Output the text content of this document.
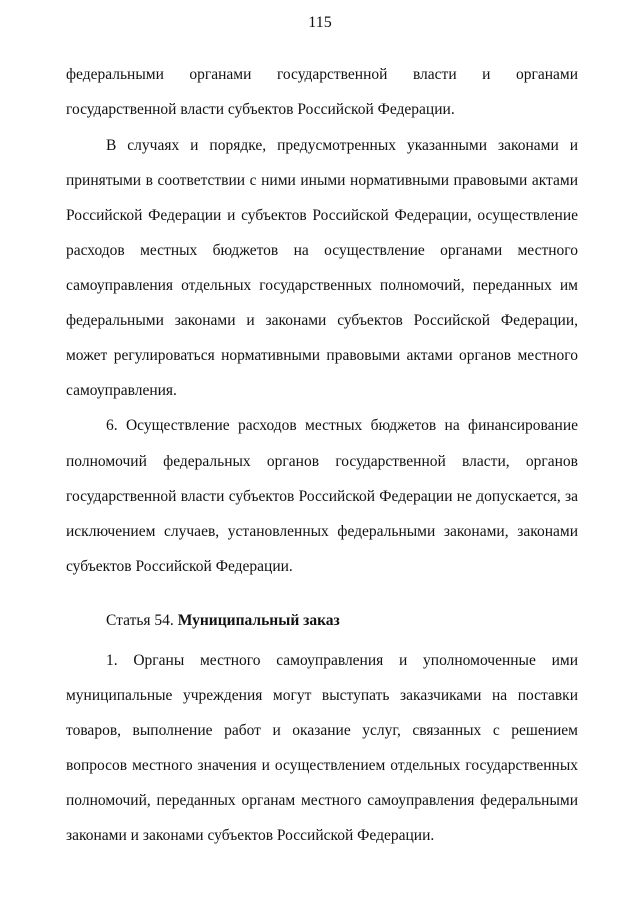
115
федеральными органами государственной власти и органами
государственной власти субъектов Российской Федерации.
В случаях и порядке, предусмотренных указанными законами и
принятыми в соответствии с ними иными нормативными правовыми актами
Российской Федерации и субъектов Российской Федерации, осуществление
расходов местных бюджетов на осуществление органами местного
самоуправления отдельных государственных полномочий, переданных им
федеральными законами и законами субъектов Российской Федерации,
может регулироваться нормативными правовыми актами органов местного
самоуправления.
6. Осуществление расходов местных бюджетов на финансирование
полномочий федеральных органов государственной власти, органов
государственной власти субъектов Российской Федерации не допускается, за
исключением случаев, установленных федеральными законами, законами
субъектов Российской Федерации.
Статья 54. Муниципальный заказ
1. Органы местного самоуправления и уполномоченные ими
муниципальные учреждения могут выступать заказчиками на поставки
товаров, выполнение работ и оказание услуг, связанных с решением
вопросов местного значения и осуществлением отдельных государственных
полномочий, переданных органам местного самоуправления федеральными
законами и законами субъектов Российской Федерации.
